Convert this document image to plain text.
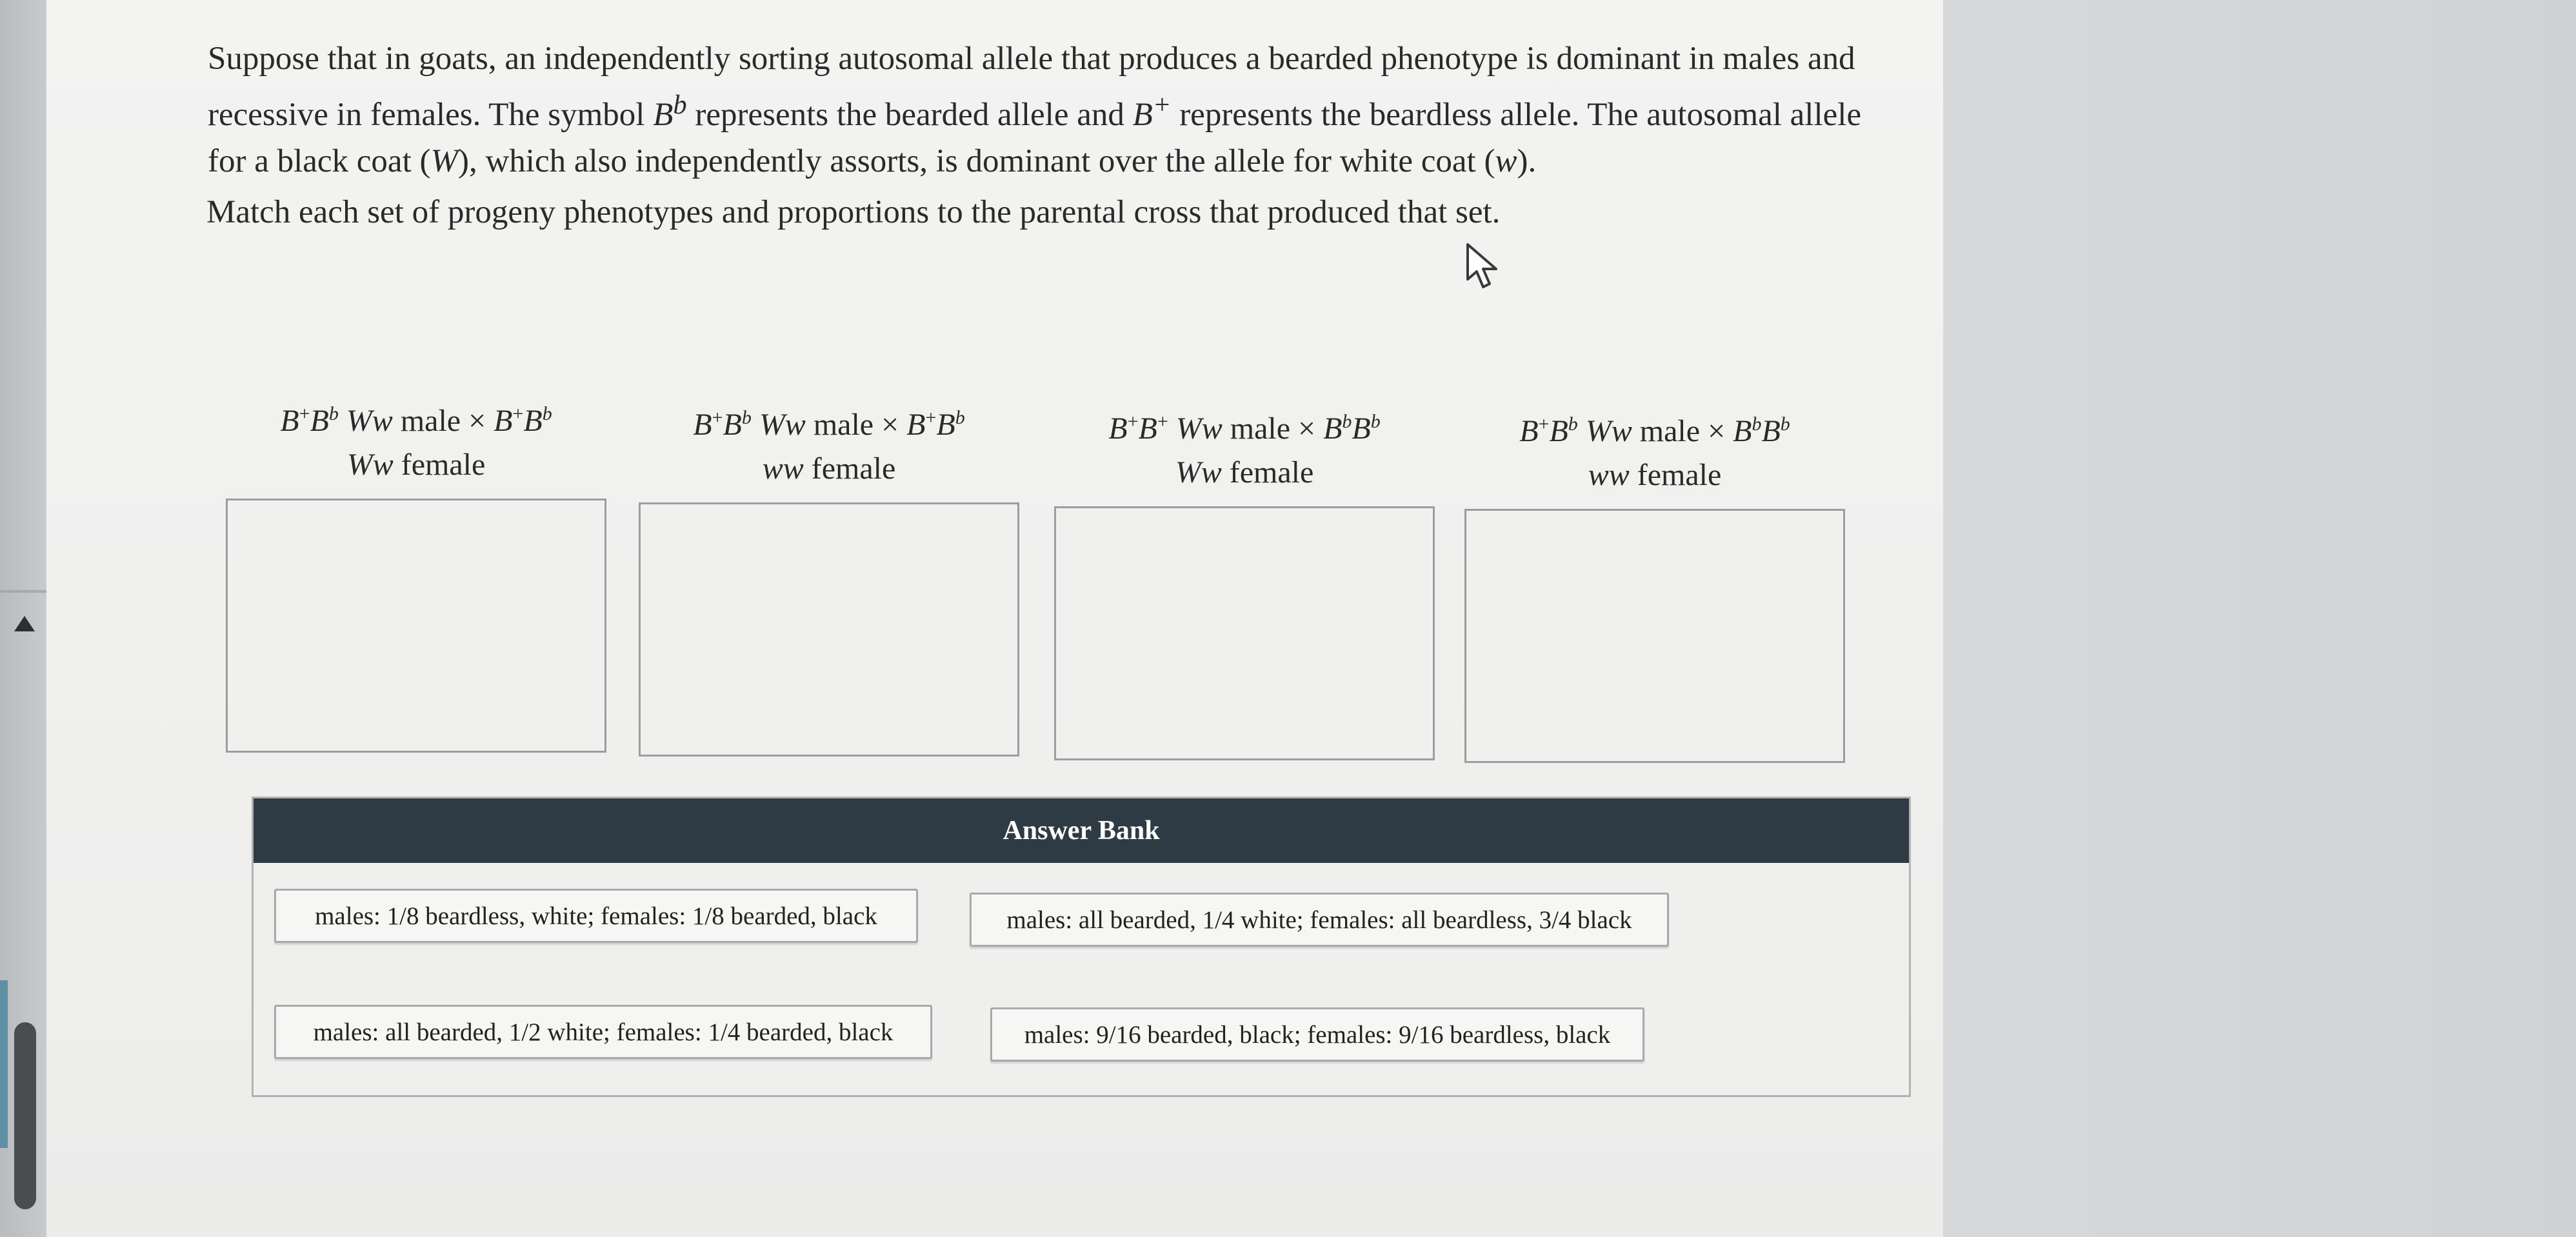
Suppose that in goats, an independently sorting autosomal allele that produces a bearded phenotype is dominant in males and
recessive in females. The symbol $B^b$ represents the bearded allele and B+ represents the beardless allele. The autosomal allele
for a black coat (W), which also independently assorts, is dominant over the allele for white coat (w).
Match each set of progeny phenotypes and proportions to the parental cross that produced that set.
$B^+B^b$ Ww male × $B^+B^b$
Ww female
$B^+B^b$ Ww male × $B^+B^b$
ww female
B+B+ Ww male × $B^bB^b$
Ww female
$B^+B^b$ Ww male × $B^bB^b$
ww female
Answer Bank
males: 1/8 beardless, white; females: 1/8 bearded, black	males: all bearded, 1/4 white; females: all beardless, 3/4 black
males: all bearded, 1/2 white; females: 1/4 bearded, black	males: 9/16 bearded, black; females: 9/16 beardless, black
